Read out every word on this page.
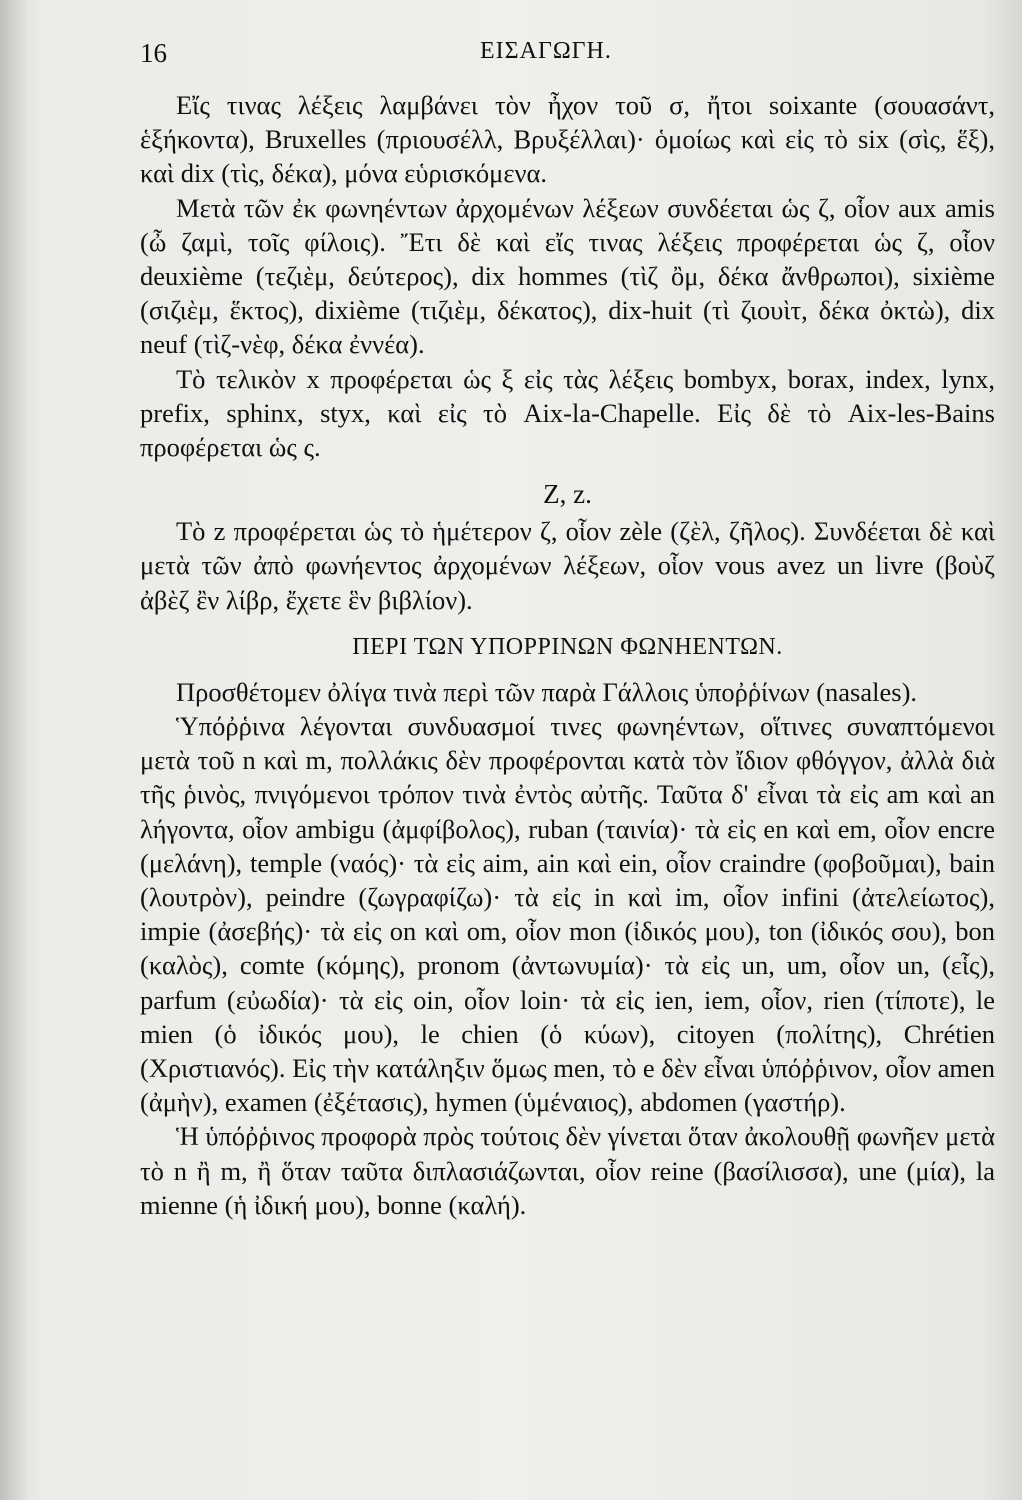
16	ΕΙΣΑΓΩΓΗ.

Εἴς τινας λέξεις λαμβάνει τὸν ἦχον τοῦ σ, ἤτοι soixante (σουασάντ, ἑξήκοντα), Bruxelles (πριουσέλλ, Βρυξέλλαι)· ὁμοίως καὶ εἰς τὸ six (σὶς, ἕξ), καὶ dix (τὶς, δέκα), μόνα εὑρισκόμενα.

Μετὰ τῶν ἐκ φωνηέντων ἀρχομένων λέξεων συνδέεται ὡς ζ, οἷον aux amis (ὦ ζαμὶ, τοῖς φίλοις). Ἔτι δὲ καὶ εἴς τινας λέξεις προφέρεται ὡς ζ, οἷον deuxième (τεζιὲμ, δεύτερος), dix hommes (τὶζ ὂμ, δέκα ἄνθρωποι), sixième (σιζιὲμ, ἕκτος), dixième (τιζιὲμ, δέκατος), dix-huit (τὶ ζιουὶτ, δέκα ὀκτὼ), dix neuf (τὶζ-νὲφ, δέκα ἐννέα).

Τὸ τελικὸν x προφέρεται ὡς ξ εἰς τὰς λέξεις bombyx, borax, index, lynx, prefix, sphinx, styx, καὶ εἰς τὸ Aix-la-Chapelle. Εἰς δὲ τὸ Aix-les-Bains προφέρεται ὡς ς.

Z, z.

Τὸ z προφέρεται ὡς τὸ ἡμέτερον ζ, οἷον zèle (ζὲλ, ζῆλος). Συνδέεται δὲ καὶ μετὰ τῶν ἀπὸ φωνήεντος ἀρχομένων λέξεων, οἷον vous avez un livre (βοὺζ ἀβὲζ ἒν λίβρ, ἔχετε ἓν βιβλίον).

ΠΕΡΙ ΤΩΝ ΥΠΟΡΡΙΝΩΝ ΦΩΝΗΕΝΤΩΝ.

Προσθέτομεν ὀλίγα τινὰ περὶ τῶν παρὰ Γάλλοις ὑποῤῥίνων (nasales).

Ὑπόῤῥινα λέγονται συνδυασμοί τινες φωνηέντων, οἵτινες συναπτόμενοι μετὰ τοῦ n καὶ m, πολλάκις δὲν προφέρονται κατὰ τὸν ἴδιον φθόγγον, ἀλλὰ διὰ τῆς ῥινὸς, πνιγόμενοι τρόπον τινὰ ἐντὸς αὐτῆς. Ταῦτα δ' εἶναι τὰ εἰς am καὶ an λήγοντα, οἷον ambigu (ἀμφίβολος), ruban (ταινία)· τὰ εἰς en καὶ em, οἷον encre (μελάνη), temple (ναός)· τὰ εἰς aim, ain καὶ ein, οἷον craindre (φοβοῦμαι), bain (λουτρὸν), peindre (ζωγραφίζω)· τὰ εἰς in καὶ im, οἷον infini (ἀτελείωτος), impie (ἀσεβής)· τὰ εἰς on καὶ om, οἷον mon (ἰδικός μου), ton (ἰδικός σου), bon (καλὸς), comte (κόμης), pronom (ἀντωνυμία)· τὰ εἰς un, um, οἷον un, (εἷς), parfum (εὐωδία)· τὰ εἰς oin, οἷον loin· τὰ εἰς ien, iem, οἷον, rien (τίποτε), le mien (ὁ ἰδικός μου), le chien (ὁ κύων), citoyen (πολίτης), Chrétien (Χριστιανός). Εἰς τὴν κατάληξιν ὅμως men, τὸ e δὲν εἶναι ὑπόῤῥινον, οἷον amen (ἀμὴν), examen (ἐξέτασις), hymen (ὑμέναιος), abdomen (γαστήρ).

Ἡ ὑπόῤῥινος προφορὰ πρὸς τούτοις δὲν γίνεται ὅταν ἀκολουθῇ φωνῆεν μετὰ τὸ n ἢ m, ἢ ὅταν ταῦτα διπλασιάζωνται, οἷον reine (βασίλισσα), une (μία), la mienne (ἡ ἰδική μου), bonne (καλή).
